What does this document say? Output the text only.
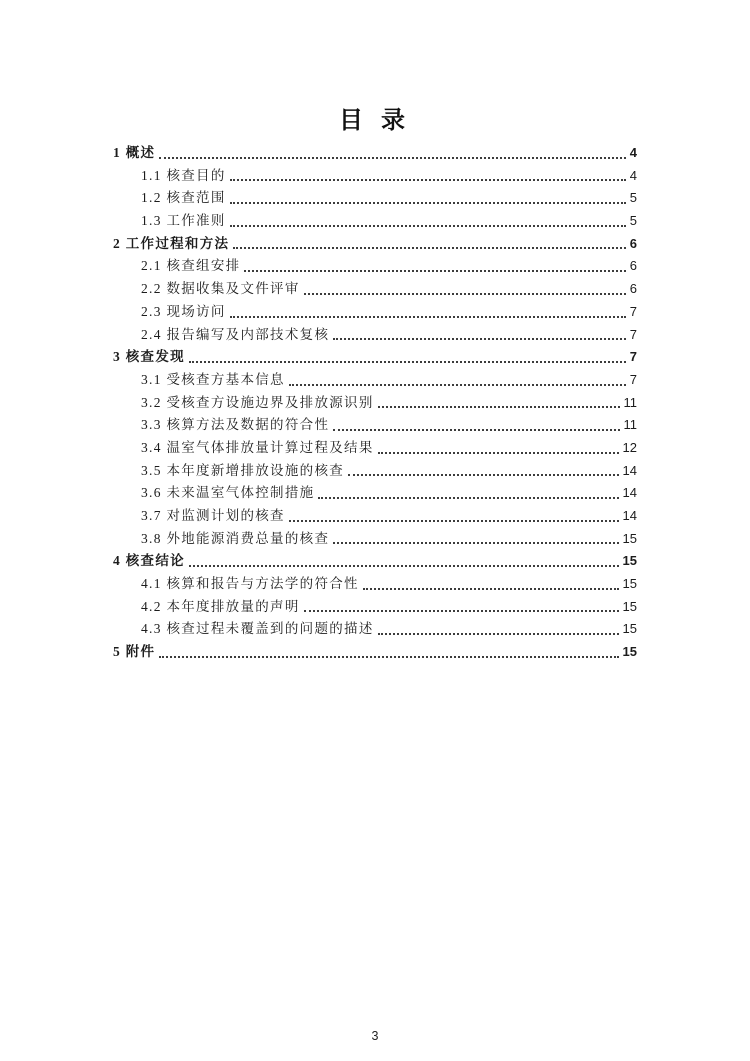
目 录
1 概述	4
1.1 核查目的	4
1.2 核查范围	5
1.3 工作准则	5
2 工作过程和方法	6
2.1 核查组安排	6
2.2 数据收集及文件评审	6
2.3 现场访问	7
2.4 报告编写及内部技术复核	7
3 核查发现	7
3.1 受核查方基本信息	7
3.2 受核查方设施边界及排放源识别	11
3.3 核算方法及数据的符合性	11
3.4 温室气体排放量计算过程及结果	12
3.5 本年度新增排放设施的核查	14
3.6 未来温室气体控制措施	14
3.7 对监测计划的核查	14
3.8 外地能源消费总量的核查	15
4 核查结论	15
4.1 核算和报告与方法学的符合性	15
4.2 本年度排放量的声明	15
4.3 核查过程未覆盖到的问题的描述	15
5 附件	15
3
